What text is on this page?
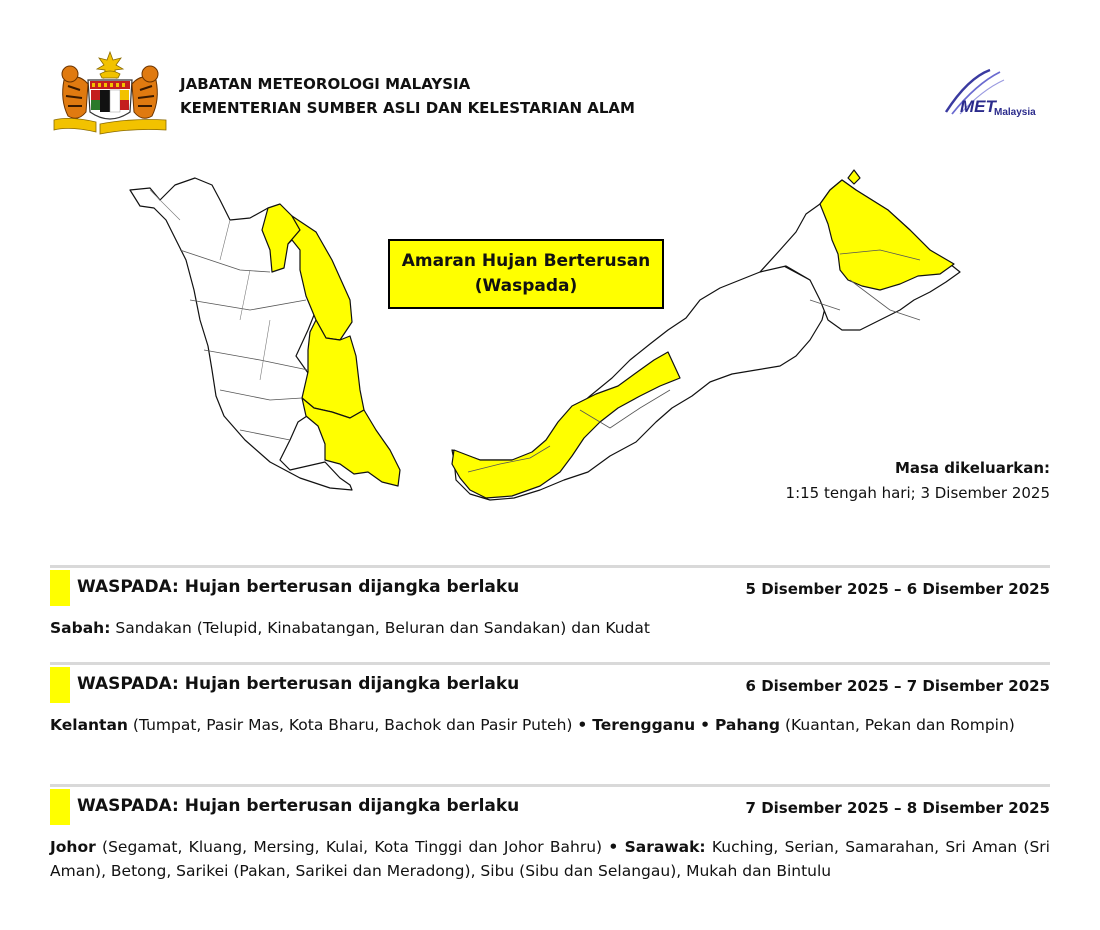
JABATAN METEOROLOGI MALAYSIA
KEMENTERIAN SUMBER ASLI DAN KELESTARIAN ALAM	MET
Malaysia
Amaran Hujan Berterusan
(Waspada)
Masa dikeluarkan:
1:15 tengah hari; 3 Disember 2025
WASPADA: Hujan berterusan dijangka berlaku	5 Disember 2025 – 6 Disember 2025
Sabah: Sandakan (Telupid, Kinabatangan, Beluran dan Sandakan) dan Kudat
WASPADA: Hujan berterusan dijangka berlaku	6 Disember 2025 – 7 Disember 2025
Kelantan (Tumpat, Pasir Mas, Kota Bharu, Bachok dan Pasir Puteh) • Terengganu • Pahang (Kuantan, Pekan dan Rompin)
WASPADA: Hujan berterusan dijangka berlaku	7 Disember 2025 – 8 Disember 2025
Johor (Segamat, Kluang, Mersing, Kulai, Kota Tinggi dan Johor Bahru) • Sarawak: Kuching, Serian, Samarahan, Sri Aman (Sri Aman), Betong, Sarikei (Pakan, Sarikei dan Meradong), Sibu (Sibu dan Selangau), Mukah dan Bintulu
